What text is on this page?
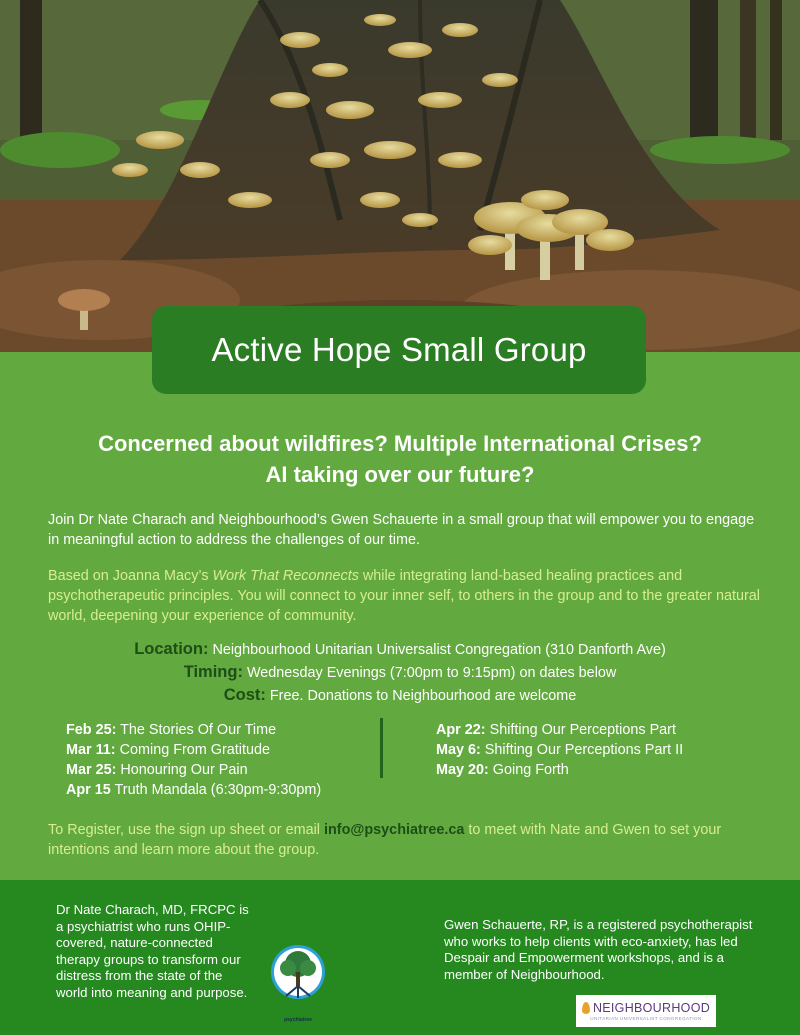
Active Hope Small Group
Concerned about wildfires? Multiple International Crises?
AI taking over our future?

Join Dr Nate Charach and Neighbourhood’s Gwen Schauerte in a small group that will empower you to engage in meaningful action to address the challenges of our time.

Based on Joanna Macy’s Work That Reconnects while integrating land-based healing practices and psychotherapeutic principles. You will connect to your inner self, to others in the group and to the greater natural world, deepening your experience of community.

Location: Neighbourhood Unitarian Universalist Congregation (310 Danforth Ave)
Timing: Wednesday Evenings (7:00pm to 9:15pm) on dates below
Cost: Free. Donations to Neighbourhood are welcome
Feb 25: The Stories Of Our Time
Mar 11: Coming From Gratitude
Mar 25: Honouring Our Pain
Apr 15 Truth Mandala (6:30pm-9:30pm)
Apr 22: Shifting Our Perceptions Part
May 6: Shifting Our Perceptions Part II
May 20: Going Forth

To Register, use the sign up sheet or email info@psychiatree.ca to meet with Nate and Gwen to set your intentions and learn more about the group.

Dr Nate Charach, MD, FRCPC is a psychiatrist who runs OHIP-covered, nature-connected therapy groups to transform our distress from the state of the world into meaning and purpose.

psychiatree

Gwen Schauerte, RP, is a registered psychotherapist who works to help clients with eco-anxiety, has led Despair and Empowerment workshops, and is a member of Neighbourhood.

NEIGHBOURHOOD
UNITARIAN UNIVERSALIST CONGREGATION
